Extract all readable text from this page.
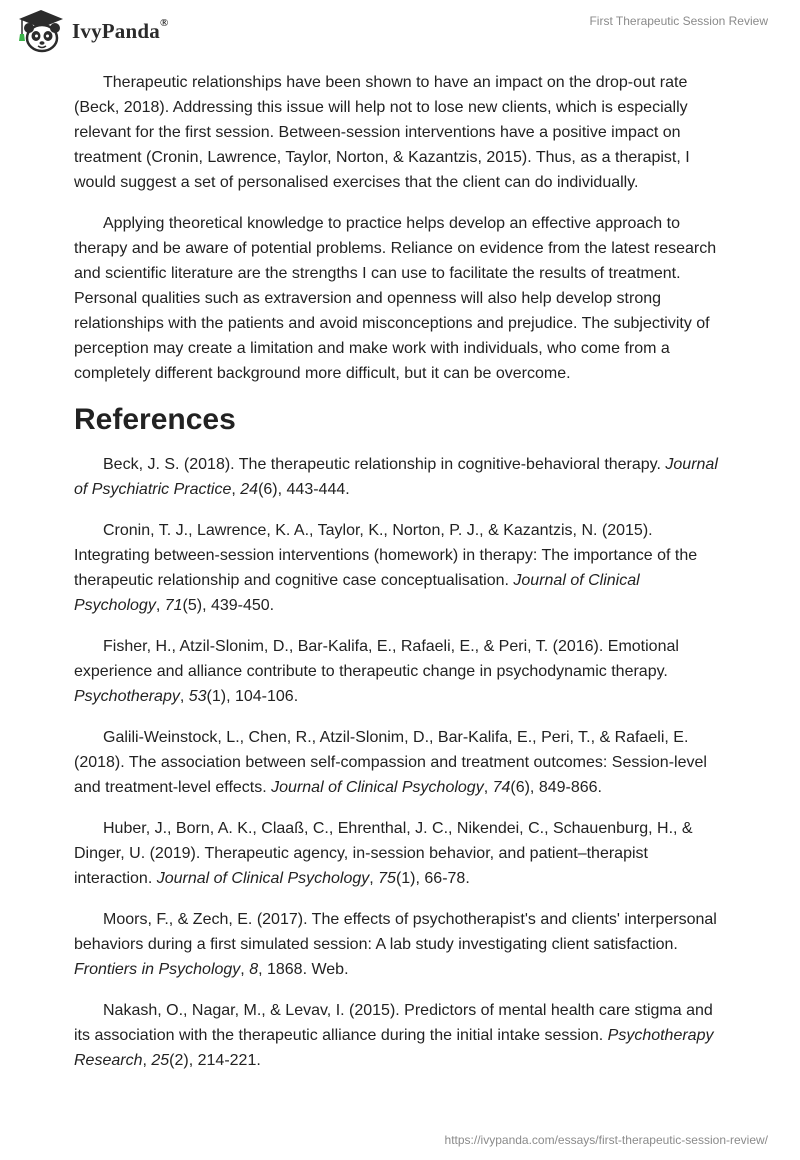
IvyPanda®	First Therapeutic Session Review

Therapeutic relationships have been shown to have an impact on the drop-out rate (Beck, 2018). Addressing this issue will help not to lose new clients, which is especially relevant for the first session. Between-session interventions have a positive impact on treatment (Cronin, Lawrence, Taylor, Norton, & Kazantzis, 2015). Thus, as a therapist, I would suggest a set of personalised exercises that the client can do individually.

Applying theoretical knowledge to practice helps develop an effective approach to therapy and be aware of potential problems. Reliance on evidence from the latest research and scientific literature are the strengths I can use to facilitate the results of treatment. Personal qualities such as extraversion and openness will also help develop strong relationships with the patients and avoid misconceptions and prejudice. The subjectivity of perception may create a limitation and make work with individuals, who come from a completely different background more difficult, but it can be overcome.

References

Beck, J. S. (2018). The therapeutic relationship in cognitive-behavioral therapy. Journal of Psychiatric Practice, 24(6), 443-444.

Cronin, T. J., Lawrence, K. A., Taylor, K., Norton, P. J., & Kazantzis, N. (2015). Integrating between-session interventions (homework) in therapy: The importance of the therapeutic relationship and cognitive case conceptualisation. Journal of Clinical Psychology, 71(5), 439-450.

Fisher, H., Atzil-Slonim, D., Bar-Kalifa, E., Rafaeli, E., & Peri, T. (2016). Emotional experience and alliance contribute to therapeutic change in psychodynamic therapy. Psychotherapy, 53(1), 104-106.

Galili-Weinstock, L., Chen, R., Atzil-Slonim, D., Bar-Kalifa, E., Peri, T., & Rafaeli, E. (2018). The association between self-compassion and treatment outcomes: Session-level and treatment-level effects. Journal of Clinical Psychology, 74(6), 849-866.

Huber, J., Born, A. K., Claaß, C., Ehrenthal, J. C., Nikendei, C., Schauenburg, H., & Dinger, U. (2019). Therapeutic agency, in-session behavior, and patient–therapist interaction. Journal of Clinical Psychology, 75(1), 66-78.

Moors, F., & Zech, E. (2017). The effects of psychotherapist's and clients' interpersonal behaviors during a first simulated session: A lab study investigating client satisfaction. Frontiers in Psychology, 8, 1868. Web.

Nakash, O., Nagar, M., & Levav, I. (2015). Predictors of mental health care stigma and its association with the therapeutic alliance during the initial intake session. Psychotherapy Research, 25(2), 214-221.

https://ivypanda.com/essays/first-therapeutic-session-review/
